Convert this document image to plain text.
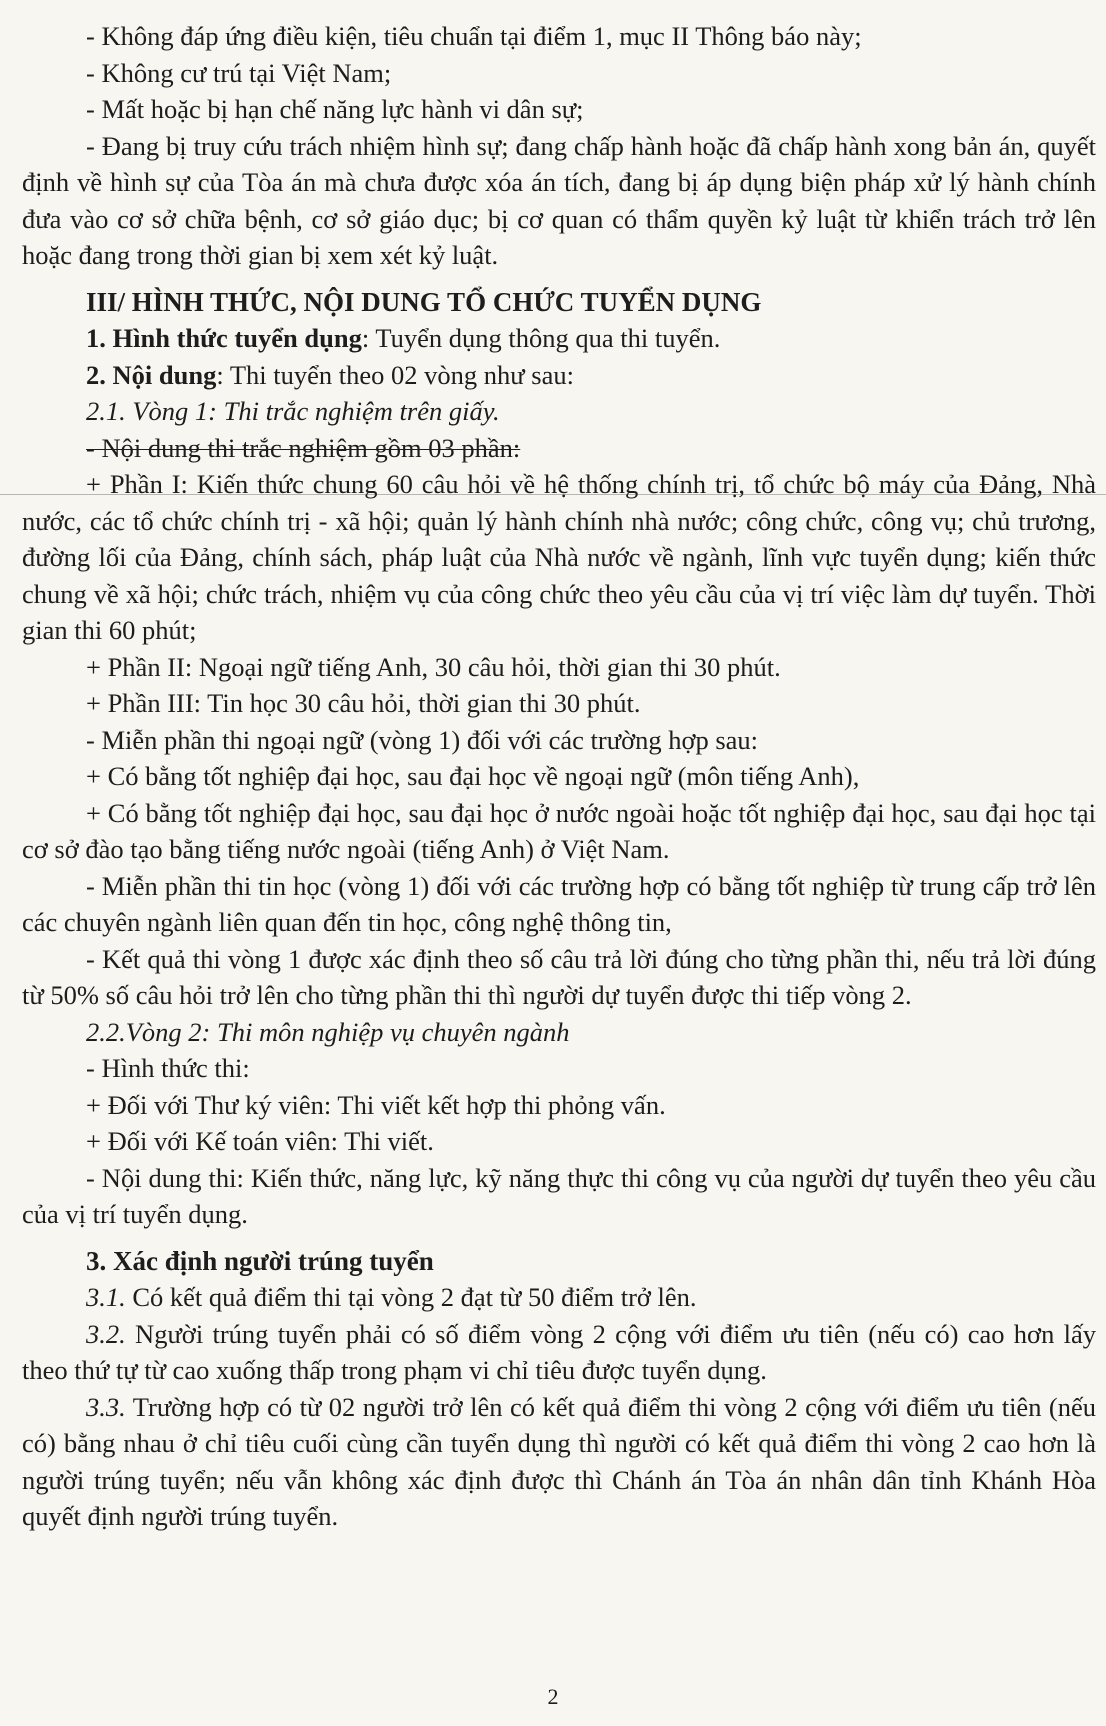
- Không đáp ứng điều kiện, tiêu chuẩn tại điểm 1, mục II Thông báo này;

- Không cư trú tại Việt Nam;

- Mất hoặc bị hạn chế năng lực hành vi dân sự;

- Đang bị truy cứu trách nhiệm hình sự; đang chấp hành hoặc đã chấp hành xong bản án, quyết định về hình sự của Tòa án mà chưa được xóa án tích, đang bị áp dụng biện pháp xử lý hành chính đưa vào cơ sở chữa bệnh, cơ sở giáo dục; bị cơ quan có thẩm quyền kỷ luật từ khiển trách trở lên hoặc đang trong thời gian bị xem xét kỷ luật.

III/ HÌNH THỨC, NỘI DUNG TỔ CHỨC TUYỂN DỤNG

1. Hình thức tuyển dụng: Tuyển dụng thông qua thi tuyển.

2. Nội dung: Thi tuyển theo 02 vòng như sau:

2.1. Vòng 1: Thi trắc nghiệm trên giấy.

- Nội dung thi trắc nghiệm gồm 03 phần:

+ Phần I: Kiến thức chung 60 câu hỏi về hệ thống chính trị, tổ chức bộ máy của Đảng, Nhà nước, các tổ chức chính trị - xã hội; quản lý hành chính nhà nước; công chức, công vụ; chủ trương, đường lối của Đảng, chính sách, pháp luật của Nhà nước về ngành, lĩnh vực tuyển dụng; kiến thức chung về xã hội; chức trách, nhiệm vụ của công chức theo yêu cầu của vị trí việc làm dự tuyển. Thời gian thi 60 phút;

+ Phần II: Ngoại ngữ tiếng Anh, 30 câu hỏi, thời gian thi 30 phút.

+ Phần III: Tin học 30 câu hỏi, thời gian thi 30 phút.

- Miễn phần thi ngoại ngữ (vòng 1) đối với các trường hợp sau:

+ Có bằng tốt nghiệp đại học, sau đại học về ngoại ngữ (môn tiếng Anh),

+ Có bằng tốt nghiệp đại học, sau đại học ở nước ngoài hoặc tốt nghiệp đại học, sau đại học tại cơ sở đào tạo bằng tiếng nước ngoài (tiếng Anh) ở Việt Nam.

- Miễn phần thi tin học (vòng 1) đối với các trường hợp có bằng tốt nghiệp từ trung cấp trở lên các chuyên ngành liên quan đến tin học, công nghệ thông tin,

- Kết quả thi vòng 1 được xác định theo số câu trả lời đúng cho từng phần thi, nếu trả lời đúng từ 50% số câu hỏi trở lên cho từng phần thi thì người dự tuyển được thi tiếp vòng 2.

2.2.Vòng 2: Thi môn nghiệp vụ chuyên ngành

- Hình thức thi:

+ Đối với Thư ký viên: Thi viết kết hợp thi phỏng vấn.

+ Đối với Kế toán viên: Thi viết.

- Nội dung thi: Kiến thức, năng lực, kỹ năng thực thi công vụ của người dự tuyển theo yêu cầu của vị trí tuyển dụng.

3. Xác định người trúng tuyển

3.1. Có kết quả điểm thi tại vòng 2 đạt từ 50 điểm trở lên.

3.2. Người trúng tuyển phải có số điểm vòng 2 cộng với điểm ưu tiên (nếu có) cao hơn lấy theo thứ tự từ cao xuống thấp trong phạm vi chỉ tiêu được tuyển dụng.

3.3. Trường hợp có từ 02 người trở lên có kết quả điểm thi vòng 2 cộng với điểm ưu tiên (nếu có) bằng nhau ở chỉ tiêu cuối cùng cần tuyển dụng thì người có kết quả điểm thi vòng 2 cao hơn là người trúng tuyển; nếu vẫn không xác định được thì Chánh án Tòa án nhân dân tỉnh Khánh Hòa quyết định người trúng tuyển.

2
